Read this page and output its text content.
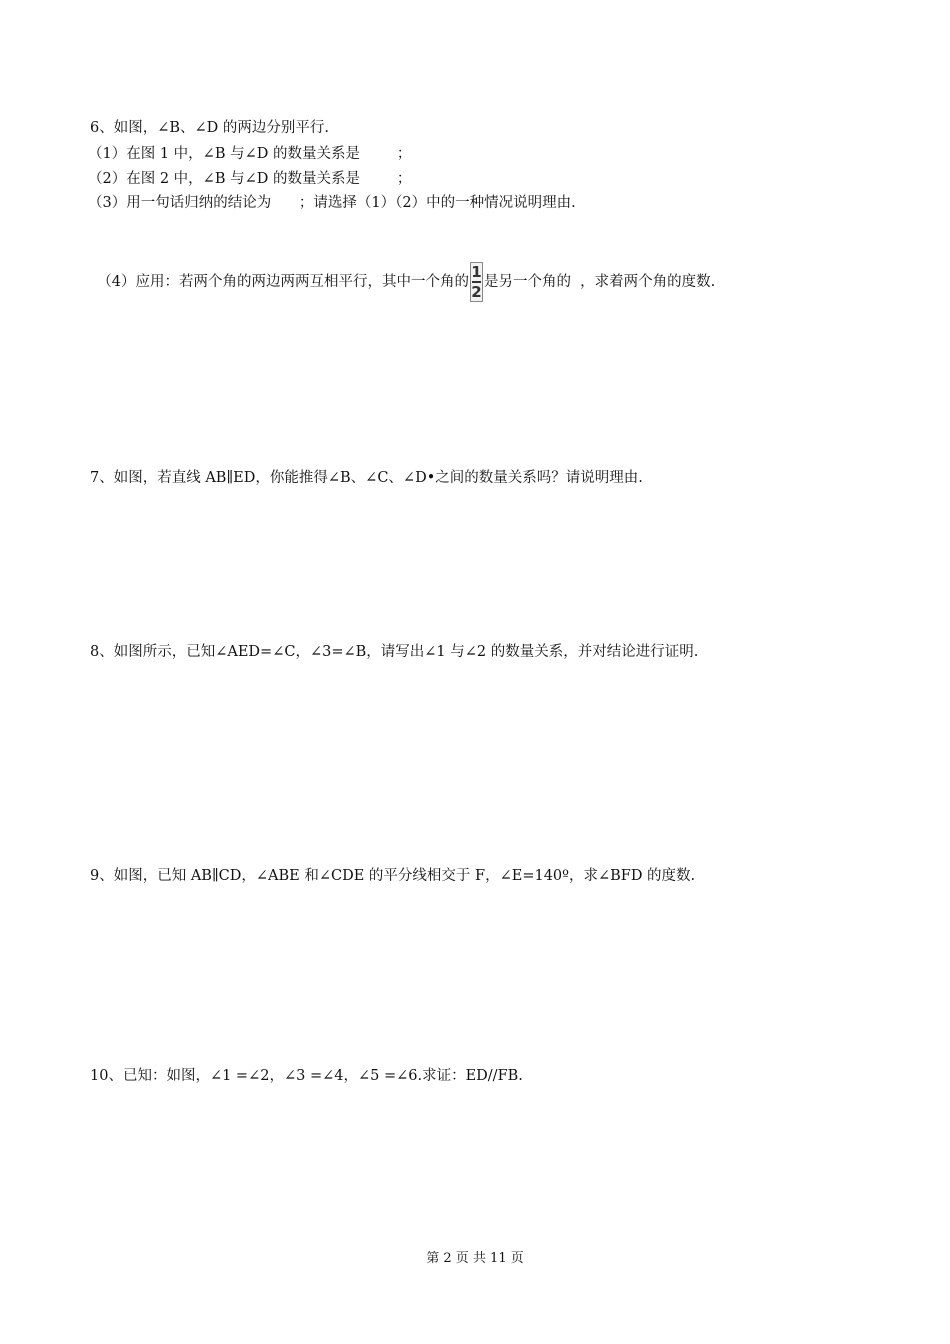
6、如图，∠B、∠D 的两边分别平行.
（1）在图 1 中，∠B 与∠D 的数量关系是        ；
（2）在图 2 中，∠B 与∠D 的数量关系是        ；
（3）用一句话归纳的结论为      ；请选择（1）（2）中的一种情况说明理由.

（4）应用：若两个角的两边两两互相平行，其中一个角的 $\frac{1}{2}$ 是另一个角的  ，求着两个角的度数.

7、如图，若直线 AB∥ED，你能推得∠B、∠C、∠D•之间的数量关系吗？请说明理由.
8、如图所示，已知∠AED=∠C，∠3=∠B，请写出∠1 与∠2 的数量关系，并对结论进行证明.
9、如图，已知 AB∥CD，∠ABE 和∠CDE 的平分线相交于 F，∠E=140º，求∠BFD 的度数.
10、已知：如图，∠1 =∠2，∠3 =∠4，∠5 =∠6.求证：ED//FB.
第 2 页 共 11 页
